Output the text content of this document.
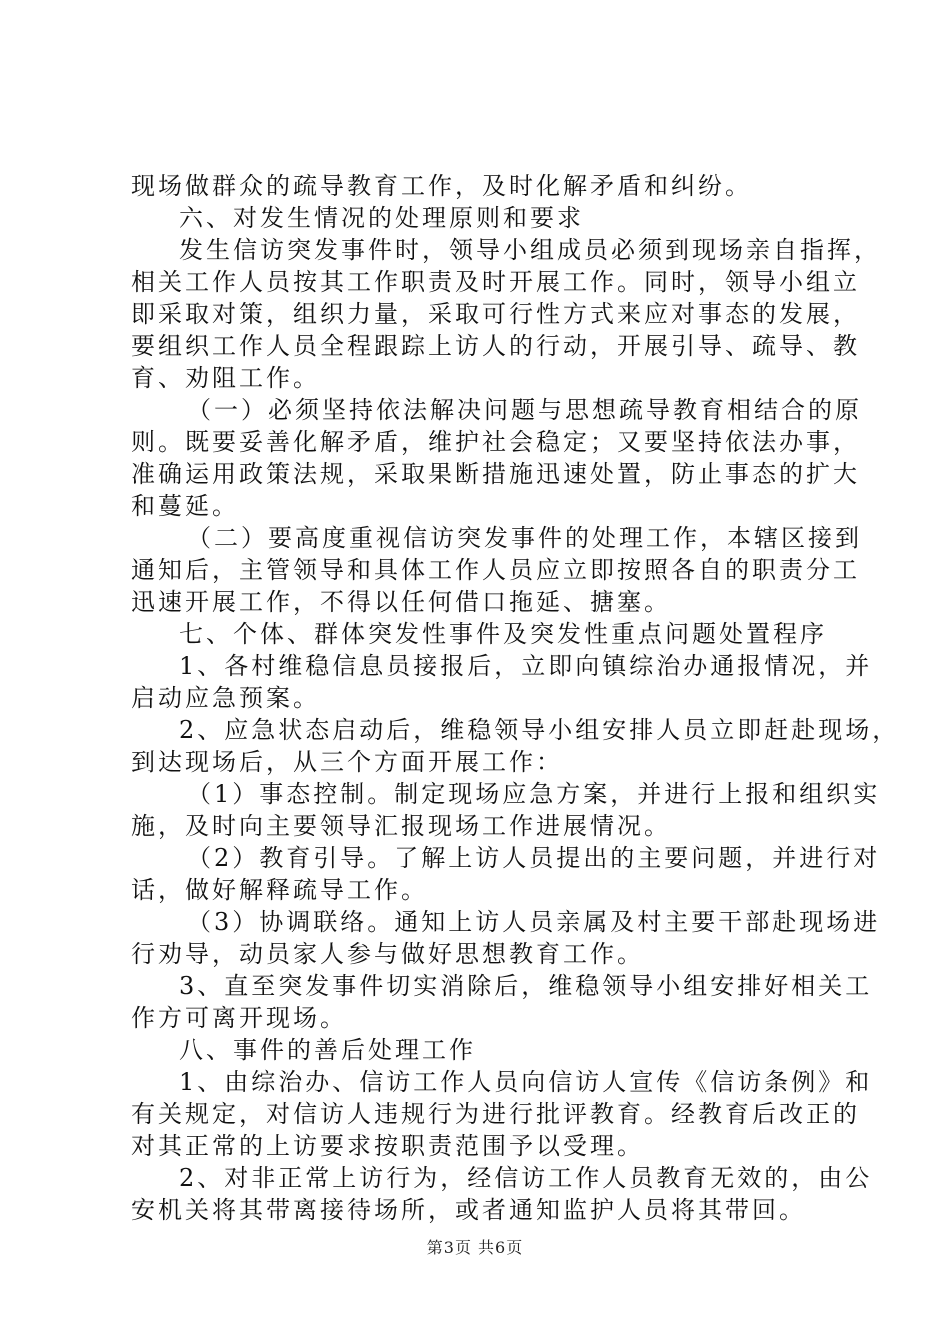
现场做群众的疏导教育工作，及时化解矛盾和纠纷。

六、对发生情况的处理原则和要求

发生信访突发事件时，领导小组成员必须到现场亲自指挥，

相关工作人员按其工作职责及时开展工作。同时，领导小组立

即采取对策，组织力量，采取可行性方式来应对事态的发展，

要组织工作人员全程跟踪上访人的行动，开展引导、疏导、教

育、劝阻工作。

（一）必须坚持依法解决问题与思想疏导教育相结合的原

则。既要妥善化解矛盾，维护社会稳定；又要坚持依法办事，

准确运用政策法规，采取果断措施迅速处置，防止事态的扩大

和蔓延。

（二）要高度重视信访突发事件的处理工作，本辖区接到

通知后，主管领导和具体工作人员应立即按照各自的职责分工

迅速开展工作，不得以任何借口拖延、搪塞。

七、个体、群体突发性事件及突发性重点问题处置程序

1、各村维稳信息员接报后，立即向镇综治办通报情况，并

启动应急预案。

2、应急状态启动后，维稳领导小组安排人员立即赶赴现场，

到达现场后，从三个方面开展工作：

（1）事态控制。制定现场应急方案，并进行上报和组织实

施，及时向主要领导汇报现场工作进展情况。

（2）教育引导。了解上访人员提出的主要问题，并进行对

话，做好解释疏导工作。

（3）协调联络。通知上访人员亲属及村主要干部赴现场进

行劝导，动员家人参与做好思想教育工作。

3、直至突发事件切实消除后，维稳领导小组安排好相关工

作方可离开现场。

八、事件的善后处理工作

1、由综治办、信访工作人员向信访人宣传《信访条例》和

有关规定，对信访人违规行为进行批评教育。经教育后改正的

对其正常的上访要求按职责范围予以受理。

2、对非正常上访行为，经信访工作人员教育无效的，由公

安机关将其带离接待场所，或者通知监护人员将其带回。

第3页 共6页
